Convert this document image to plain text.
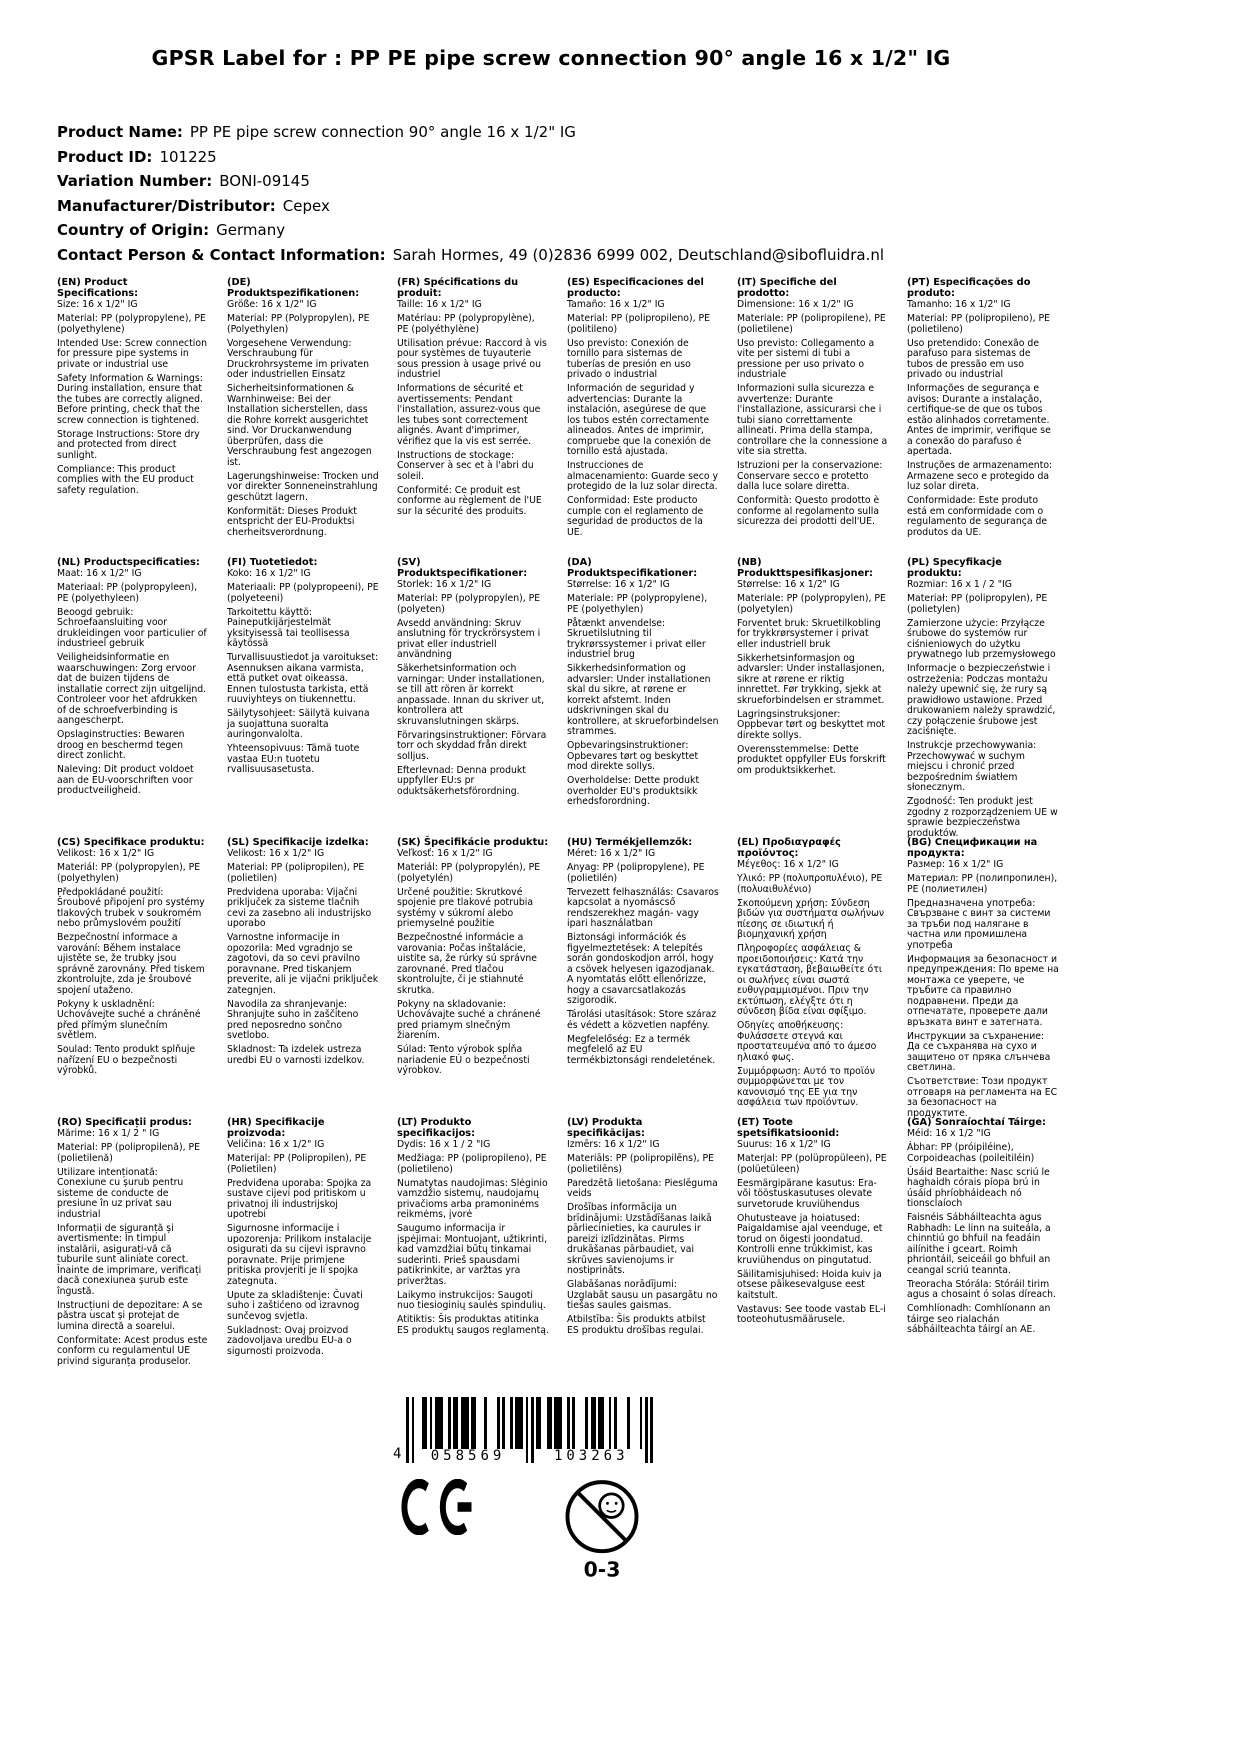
GPSR Label for : PP PE pipe screw connection 90° angle 16 x 1/2" IG
Product Name: PP PE pipe screw connection 90° angle 16 x 1/2" IG
Product ID: 101225
Variation Number: BONI-09145
Manufacturer/Distributor: Cepex
Country of Origin: Germany
Contact Person & Contact Information: Sarah Hormes, 49 (0)2836 6999 002, Deutschland@sibofluidra.nl
(EN) Product Specifications:

Size: 16 x 1/2" IG

Material: PP (polypropylene), PE (polyethylene)

Intended Use: Screw connection for pressure pipe systems in private or industrial use

Safety Information & Warnings: During installation, ensure that the tubes are correctly aligned. Before printing, check that the screw connection is tightened.

Storage Instructions: Store dry and protected from direct sunlight.

Compliance: This product complies with the EU product safety regulation.

(DE) Produktspezifikationen:

Größe: 16 x 1/2" IG

Material: PP (Polypropylen), PE (Polyethylen)

Vorgesehene Verwendung: Verschraubung für Druckrohrsysteme im privaten oder industriellen Einsatz

Sicherheitsinformationen & Warnhinweise: Bei der Installation sicherstellen, dass die Rohre korrekt ausgerichtet sind. Vor Druckanwendung überprüfen, dass die Verschraubung fest angezogen ist.

Lagerungshinweise: Trocken und vor direkter Sonneneinstrahlung geschützt lagern.

Konformität: Dieses Produkt entspricht der EU-Produktsi cherheitsverordnung.

(FR) Spécifications du produit:

Taille: 16 x 1/2" IG

Matériau: PP (polypropylène), PE (polyéthylène)

Utilisation prévue: Raccord à vis pour systèmes de tuyauterie sous pression à usage privé ou industriel

Informations de sécurité et avertissements: Pendant l'installation, assurez-vous que les tubes sont correctement alignés. Avant d'imprimer, vérifiez que la vis est serrée.

Instructions de stockage: Conserver à sec et à l'abri du soleil.

Conformité: Ce produit est conforme au règlement de l'UE sur la sécurité des produits.

(ES) Especificaciones del producto:

Tamaño: 16 x 1/2" IG

Material: PP (polipropileno), PE (politileno)

Uso previsto: Conexión de tornillo para sistemas de tuberías de presión en uso privado o industrial

Información de seguridad y advertencias: Durante la instalación, asegúrese de que los tubos estén correctamente alineados. Antes de imprimir, compruebe que la conexión de tornillo está ajustada.

Instrucciones de almacenamiento: Guarde seco y protegido de la luz solar directa.

Conformidad: Este producto cumple con el reglamento de seguridad de productos de la UE.

(IT) Specifiche del prodotto:

Dimensione: 16 x 1/2" IG

Materiale: PP (polipropilene), PE (polietilene)

Uso previsto: Collegamento a vite per sistemi di tubi a pressione per uso privato o industriale

Informazioni sulla sicurezza e avvertenze: Durante l'installazione, assicurarsi che i tubi siano correttamente allineati. Prima della stampa, controllare che la connessione a vite sia stretta.

Istruzioni per la conservazione: Conservare secco e protetto dalla luce solare diretta.

Conformità: Questo prodotto è conforme al regolamento sulla sicurezza dei prodotti dell'UE.

(PT) Especificações do produto:

Tamanho: 16 x 1/2" IG

Material: PP (polipropileno), PE (polietileno)

Uso pretendido: Conexão de parafuso para sistemas de tubos de pressão em uso privado ou industrial

Informações de segurança e avisos: Durante a instalação, certifique-se de que os tubos estão alinhados corretamente. Antes de imprimir, verifique se a conexão do parafuso é apertada.

Instruções de armazenamento: Armazene seco e protegido da luz solar direta.

Conformidade: Este produto está em conformidade com o regulamento de segurança de produtos da UE.

(NL) Productspecificaties:

Maat: 16 x 1/2" IG

Materiaal: PP (polypropyleen), PE (polyethyleen)

Beoogd gebruik: Schroefaansluiting voor drukleidingen voor particulier of industrieel gebruik

Veiligheidsinformatie en waarschuwingen: Zorg ervoor dat de buizen tijdens de installatie correct zijn uitgelijnd. Controleer voor het afdrukken of de schroefverbinding is aangescherpt.

Opslaginstructies: Bewaren droog en beschermd tegen direct zonlicht.

Naleving: Dit product voldoet aan de EU-voorschriften voor productveiligheid.

(FI) Tuotetiedot:

Koko: 16 x 1/2" IG

Materiaali: PP (polypropeeni), PE (polyeteeni)

Tarkoitettu käyttö: Paineputkijärjestelmät yksityisessä tai teollisessa käytössä

Turvallisuustiedot ja varoitukset: Asennuksen aikana varmista, että putket ovat oikeassa. Ennen tulostusta tarkista, että ruuviyhteys on tiukennettu.

Säilytysohjeet: Säilytä kuivana ja suojattuna suoralta auringonvalolta.

Yhteensopivuus: Tämä tuote vastaa EU:n tuotetu rvallisuusasetusta.

(SV) Produktspecifikationer:

Storlek: 16 x 1/2" IG

Material: PP (polypropylen), PE (polyeten)

Avsedd användning: Skruv anslutning för tryckrörsystem i privat eller industriell användning

Säkerhetsinformation och varningar: Under installationen, se till att rören är korrekt anpassade. Innan du skriver ut, kontrollera att skruvanslutningen skärps.

Förvaringsinstruktioner: Förvara torr och skyddad från direkt solljus.

Efterlevnad: Denna produkt uppfyller EU:s pr oduktsäkerhetsförordning.

(DA) Produktspecifikationer:

Størrelse: 16 x 1/2" IG

Materiale: PP (polypropylene), PE (polyethylen)

Påtænkt anvendelse: Skruetilslutning til trykrørssystemer i privat eller industriel brug

Sikkerhedsinformation og advarsler: Under installationen skal du sikre, at rørene er korrekt afstemt. Inden udskrivningen skal du kontrollere, at skrueforbindelsen strammes.

Opbevaringsinstruktioner: Opbevares tørt og beskyttet mod direkte sollys.

Overholdelse: Dette produkt overholder EU's produktsikk erhedsforordning.

(NB) Produkttspesifikasjoner:

Størrelse: 16 x 1/2" IG

Materiale: PP (polypropylen), PE (polyetylen)

Forventet bruk: Skruetilkobling for trykkrørsystemer i privat eller industriell bruk

Sikkerhetsinformasjon og advarsler: Under installasjonen, sikre at rørene er riktig innrettet. Før trykking, sjekk at skrueforbindelsen er strammet.

Lagringsinstruksjoner: Oppbevar tørt og beskyttet mot direkte sollys.

Overensstemmelse: Dette produktet oppfyller EUs forskrift om produktsikkerhet.

(PL) Specyfikacje produktu:

Rozmiar: 16 x 1 / 2 "IG

Materiał: PP (polipropylen), PE (polietylen)

Zamierzone użycie: Przyłącze śrubowe do systemów rur ciśnieniowych do użytku prywatnego lub przemysłowego

Informacje o bezpieczeństwie i ostrzeżenia: Podczas montażu należy upewnić się, że rury są prawidłowo ustawione. Przed drukowaniem należy sprawdzić, czy połączenie śrubowe jest zaciśnięte.

Instrukcje przechowywania: Przechowywać w suchym miejscu i chronić przed bezpośrednim światłem słonecznym.

Zgodność: Ten produkt jest zgodny z rozporządzeniem UE w sprawie bezpieczeństwa produktów.

(CS) Specifikace produktu:

Velikost: 16 x 1/2" IG

Materiál: PP (polypropylen), PE (polyethylen)

Předpokládané použití: Šroubové připojení pro systémy tlakových trubek v soukromém nebo průmyslovém použití

Bezpečnostní informace a varování: Během instalace ujistěte se, že trubky jsou správně zarovnány. Před tiskem zkontrolujte, zda je šroubové spojení utaženo.

Pokyny k uskladnění: Uchovávejte suché a chráněné před přímým slunečním světlem.

Soulad: Tento produkt splňuje nařízení EU o bezpečnosti výrobků.

(SL) Specifikacije izdelka:

Velikost: 16 x 1/2" IG

Material: PP (polipropilen), PE (polietilen)

Predvidena uporaba: Vijačni priključek za sisteme tlačnih cevi za zasebno ali industrijsko uporabo

Varnostne informacije in opozorila: Med vgradnjo se zagotovi, da so cevi pravilno poravnane. Pred tiskanjem preverite, ali je vijačni priključek zategnjen.

Navodila za shranjevanje: Shranjujte suho in zaščiteno pred neposredno sončno svetlobo.

Skladnost: Ta izdelek ustreza uredbi EU o varnosti izdelkov.

(SK) Špecifikácie produktu:

Veľkosť: 16 x 1/2" IG

Materiál: PP (polypropylén), PE (polyetylén)

Určené použitie: Skrutkové spojenie pre tlakové potrubia systémy v súkromí alebo priemyselné použitie

Bezpečnostné informácie a varovania: Počas inštalácie, uistite sa, že rúrky sú správne zarovnané. Pred tlačou skontrolujte, či je stiahnuté skrutka.

Pokyny na skladovanie: Uchovávajte suché a chránené pred priamym slnečným žiarením.

Súlad: Tento výrobok spĺňa nariadenie EÚ o bezpečnosti výrobkov.

(HU) Termékjellemzők:

Méret: 16 x 1/2" IG

Anyag: PP (polipropylene), PE (polietilén)

Tervezett felhasználás: Csavaros kapcsolat a nyomáscső rendszerekhez magán- vagy ipari használatban

Biztonsági információk és figyelmeztetések: A telepítés során gondoskodjon arról, hogy a csövek helyesen igazodjanak. A nyomtatás előtt ellenőrizze, hogy a csavarcsatlakozás szigorodik.

Tárolási utasítások: Store száraz és védett a közvetlen napfény.

Megfelelőség: Ez a termék megfelelő az EU termékbiztonsági rendeletének.

(EL) Προδιαγραφές προϊόντος:

Μέγεθος: 16 x 1/2" IG

Υλικό: PP (πολυπροπυλένιο), PE (πολυαιθυλένιο)

Σκοπούμενη χρήση: Σύνδεση βιδών για συστήματα σωλήνων πίεσης σε ιδιωτική ή βιομηχανική χρήση

Πληροφορίες ασφάλειας & προειδοποιήσεις: Κατά την εγκατάσταση, βεβαιωθείτε ότι οι σωλήνες είναι σωστά ευθυγραμμισμένοι. Πριν την εκτύπωση, ελέγξτε ότι η σύνδεση βίδα είναι σφίξιμο.

Οδηγίες αποθήκευσης: Φυλάσσετε στεγνά και προστατευμένα από το άμεσο ηλιακό φως.

Συμμόρφωση: Αυτό το προϊόν συμμορφώνεται με τον κανονισμό της ΕΕ για την ασφάλεια των προϊόντων.

(BG) Спецификации на продукта:

Размер: 16 x 1/2" IG

Материал: PP (полипропилен), PE (полиетилен)

Предназначена употреба: Свързване с винт за системи за тръби под налягане в частна или промишлена употреба

Информация за безопасност и предупреждения: По време на монтажа се уверете, че тръбите са правилно подравнени. Преди да отпечатате, проверете дали връзката винт е затегната.

Инструкции за съхранение: Да се съхранява на сухо и защитено от пряка слънчева светлина.

Съответствие: Този продукт отговаря на регламента на ЕС за безопасност на продуктите.

(RO) Specificații produs:

Mărime: 16 x 1/ 2 " IG

Material: PP (polipropilenă), PE (polietilenă)

Utilizare intenționată: Conexiune cu șurub pentru sisteme de conducte de presiune în uz privat sau industrial

Informații de siguranță și avertismente: În timpul instalării, asigurați-vă că tuburile sunt aliniate corect. Înainte de imprimare, verificați dacă conexiunea șurub este îngustă.

Instrucțiuni de depozitare: A se păstra uscat și protejat de lumina directă a soarelui.

Conformitate: Acest produs este conform cu regulamentul UE privind siguranța produselor.

(HR) Specifikacije proizvoda:

Veličina: 16 x 1/2" IG

Materijal: PP (Polipropilen), PE (Polietilen)

Predviđena uporaba: Spojka za sustave cijevi pod pritiskom u privatnoj ili industrijskoj upotrebi

Sigurnosne informacije i upozorenja: Prilikom instalacije osigurati da su cijevi ispravno poravnate. Prije primjene pritiska provjeriti je li spojka zategnuta.

Upute za skladištenje: Čuvati suho i zaštićeno od izravnog sunčevog svjetla.

Sukladnost: Ovaj proizvod zadovoljava uredbu EU-a o sigurnosti proizvoda.

(LT) Produkto specifikacijos:

Dydis: 16 x 1 / 2 "IG

Medžiaga: PP (polipropileno), PE (polietileno)

Numatytas naudojimas: Slėginio vamzdžio sistemų, naudojamų privačioms arba pramoninėms reikmėms, įvorė

Saugumo informacija ir įspėjimai: Montuojant, užtikrinti, kad vamzdžiai būtų tinkamai suderinti. Prieš spausdami patikrinkite, ar varžtas yra priveržtas.

Laikymo instrukcijos: Saugoti nuo tiesioginių saulės spindulių.

Atitiktis: Šis produktas atitinka ES produktų saugos reglamentą.

(LV) Produkta specifikācijas:

Izmērs: 16 x 1/2" IG

Materiāls: PP (polipropilēns), PE (polietilēns)

Paredzētā lietošana: Pieslēguma veids

Drošības informācija un brīdinājumi: Uzstādīšanas laikā pārliecinieties, ka caurules ir pareizi izlīdzinātas. Pirms drukāšanas pārbaudiet, vai skrūves savienojums ir nostiprināts.

Glabāšanas norādījumi: Uzglabāt sausu un pasargātu no tiešas saules gaismas.

Atbilstība: Šis produkts atbilst ES produktu drošības regulai.

(ET) Toote spetsifikatsioonid:

Suurus: 16 x 1/2" IG

Materjal: PP (polüpropüleen), PE (polüetüleen)

Eesmärgipärane kasutus: Era- või tööstuskasutuses olevate survetorude kruviühendus

Ohutusteave ja hoiatused: Paigaldamise ajal veenduge, et torud on õigesti joondatud. Kontrolli enne trükkimist, kas kruviühendus on pingutatud.

Säilitamisjuhised: Hoida kuiv ja otsese päikesevalguse eest kaitstult.

Vastavus: See toode vastab EL-i tooteohutusmäärusele.

(GA) Sonraíochtaí Táirge:

Méid: 16 x 1/2 "IG

Ábhar: PP (próipiléine), Corpoideachas (poileitiléin)

Úsáid Beartaithe: Nasc scriú le haghaidh córais píopa brú in úsáid phríobháideach nó tionsclaíoch

Faisnéis Sábháilteachta agus Rabhadh: Le linn na suiteála, a chinntiú go bhfuil na feadáin ailínithe i gceart. Roimh phriontáil, seiceáil go bhfuil an ceangal scriú teannta.

Treoracha Stórála: Stóráil tirim agus a chosaint ó solas díreach.

Comhlíonadh: Comhlíonann an táirge seo rialachán sábháilteachta táirgí an AE.

4	058569	103263
0-3
